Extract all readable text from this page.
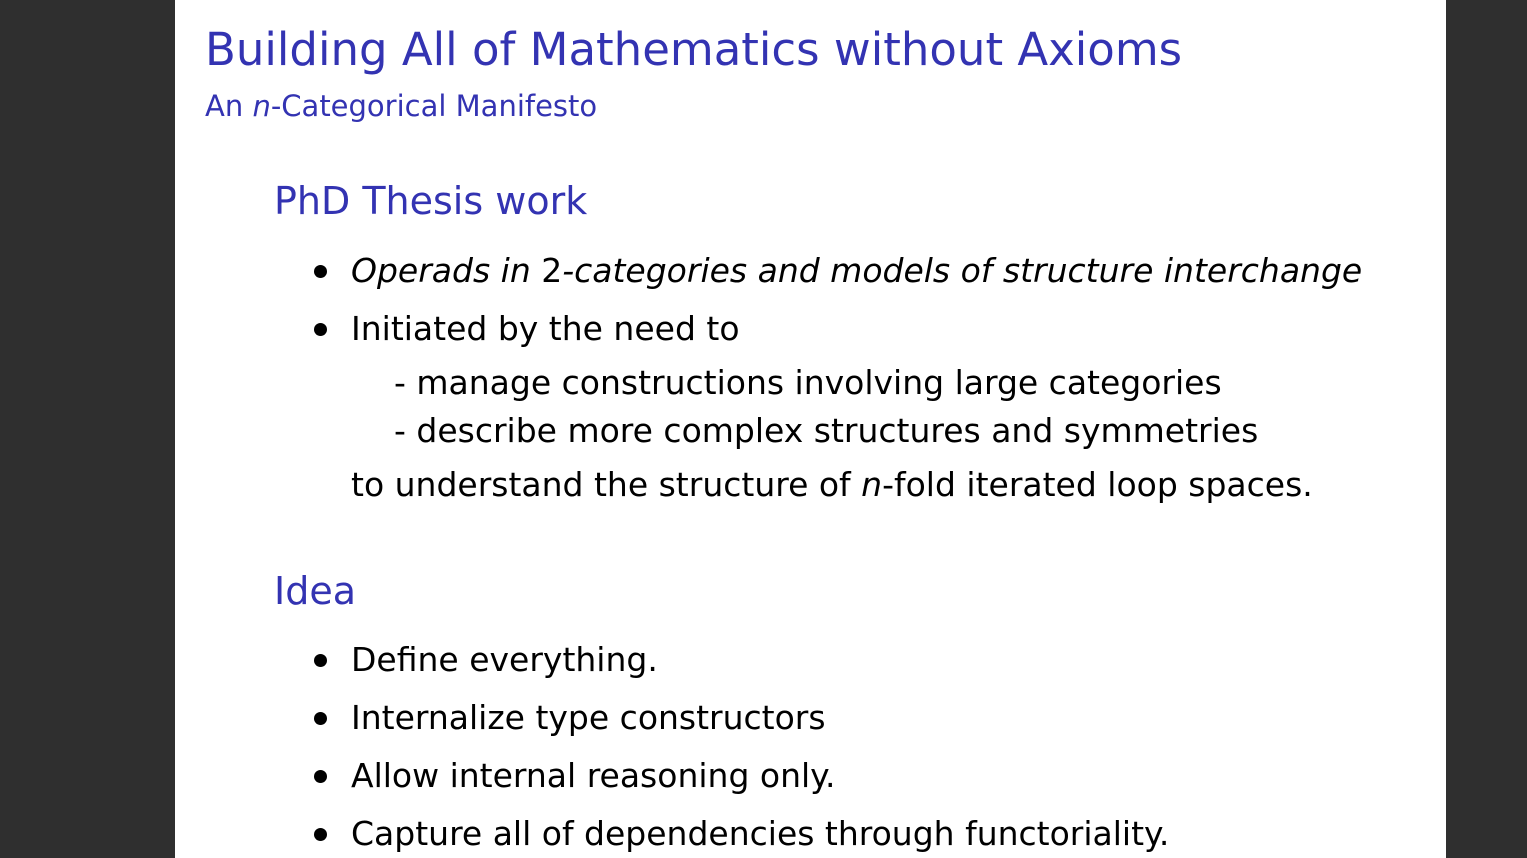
Building All of Mathematics without Axioms
An n-Categorical Manifesto
PhD Thesis work
Operads in 2-categories and models of structure interchange
Initiated by the need to
- manage constructions involving large categories
- describe more complex structures and symmetries
to understand the structure of n-fold iterated loop spaces.
Idea
Define everything.
Internalize type constructors
Allow internal reasoning only.
Capture all of dependencies through functoriality.
